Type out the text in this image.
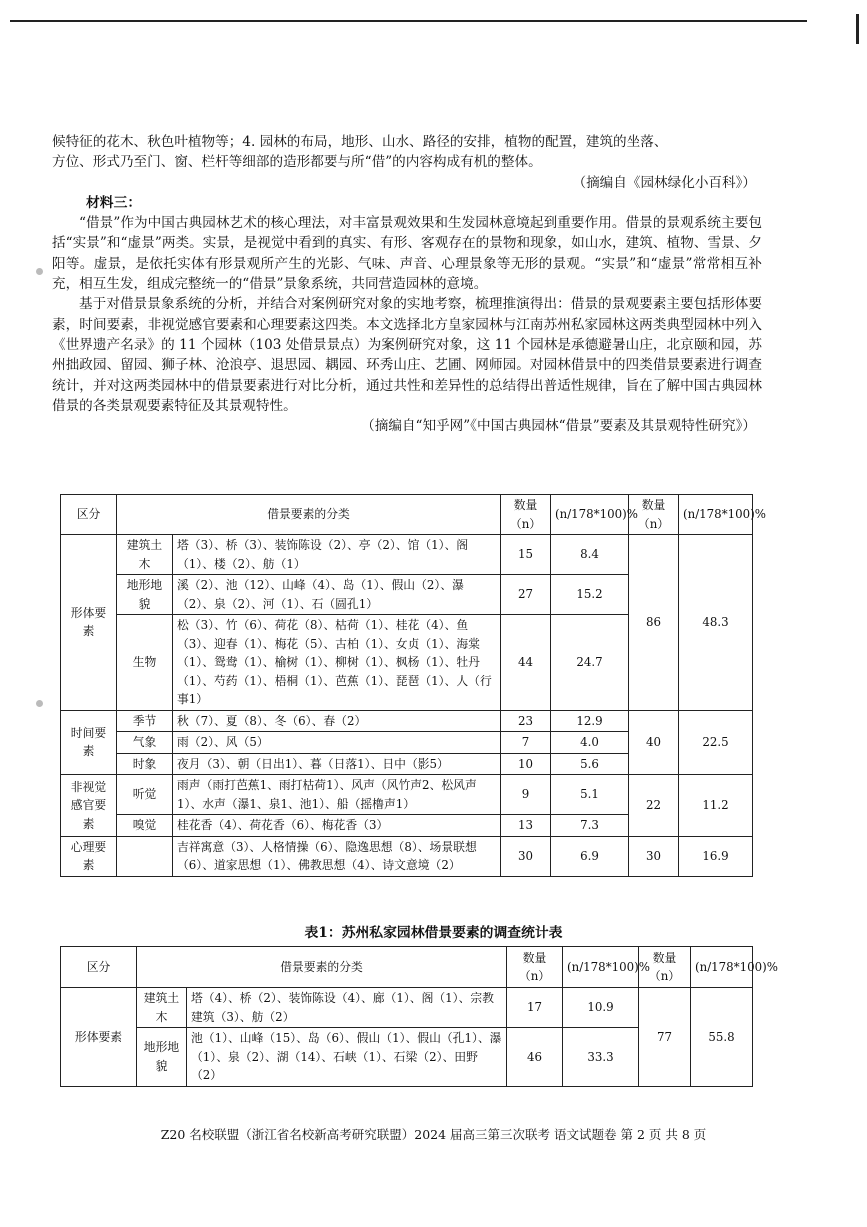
候特征的花木、秋色叶植物等；4. 园林的布局，地形、山水、路径的安排，植物的配置，建筑的坐落、

方位、形式乃至门、窗、栏杆等细部的造形都要与所“借”的内容构成有机的整体。

（摘编自《园林绿化小百科》）

材料三：

“借景”作为中国古典园林艺术的核心理法，对丰富景观效果和生发园林意境起到重要作用。借景的景观系统主要包括“实景”和“虚景”两类。实景，是视觉中看到的真实、有形、客观存在的景物和现象，如山水，建筑、植物、雪景、夕阳等。虚景，是依托实体有形景观所产生的光影、气味、声音、心理景象等无形的景观。“实景”和“虚景”常常相互补充，相互生发，组成完整统一的“借景”景象系统，共同营造园林的意境。

基于对借景景象系统的分析，并结合对案例研究对象的实地考察，梳理推演得出：借景的景观要素主要包括形体要素，时间要素，非视觉感官要素和心理要素这四类。本文选择北方皇家园林与江南苏州私家园林这两类典型园林中列入《世界遗产名录》的 11 个园林（103 处借景景点）为案例研究对象，这 11 个园林是承德避暑山庄，北京颐和园，苏州拙政园、留园、狮子林、沧浪亭、退思园、耦园、环秀山庄、艺圃、网师园。对园林借景中的四类借景要素进行调查统计，并对这两类园林中的借景要素进行对比分析，通过共性和差异性的总结得出普适性规律，旨在了解中国古典园林借景的各类景观要素特征及其景观特性。

（摘编自“知乎网”《中国古典园林“借景”要素及其景观特性研究》）

区分	借景要素的分类		数量（n）	(n/178*100)%	数量（n）	(n/178*100)%
形体要素	建筑土木	塔（3）、桥（3）、装饰陈设（2）、亭（2）、馆（1）、阁（1）、楼（2）、舫（1）	15	8.4	86	48.3
	地形地貌	溪（2）、池（12）、山峰（4）、岛（1）、假山（2）、瀑（2）、泉（2）、河（1）、石（圆孔1）	27	15.2		
	生物	松（3）、竹（6）、荷花（8）、枯荷（1）、桂花（4）、鱼（3）、迎春（1）、梅花（5）、古柏（1）、女贞（1）、海棠（1）、鸳鸯（1）、榆树（1）、柳树（1）、枫杨（1）、牡丹（1）、芍药（1）、梧桐（1）、芭蕉（1）、琵琶（1）、人（行事1）	44	24.7		
时间要素	季节	秋（7）、夏（8）、冬（6）、春（2）	23	12.9	40	22.5
	气象	雨（2）、风（5）	7	4.0		
	时象	夜月（3）、朝（日出1）、暮（日落1）、日中（影5）	10	5.6		
非视觉感官要素	听觉	雨声（雨打芭蕉1、雨打枯荷1）、风声（风竹声2、松风声1）、水声（瀑1、泉1、池1）、船（摇橹声1）	9	5.1	22	11.2
	嗅觉	桂花香（4）、荷花香（6）、梅花香（3）	13	7.3		
心理要素		吉祥寓意（3）、人格情操（6）、隐逸思想（8）、场景联想（6）、道家思想（1）、佛教思想（4）、诗文意境（2）	30	6.9	30	16.9
表1：苏州私家园林借景要素的调查统计表
区分	借景要素的分类		数量（n）	(n/178*100)%	数量（n）	(n/178*100)%
形体要素	建筑土木	塔（4）、桥（2）、装饰陈设（4）、廊（1）、阁（1）、宗教建筑（3）、舫（2）	17	10.9	77	55.8
	地形地貌	池（1）、山峰（15）、岛（6）、假山（1）、假山（孔1）、瀑（1）、泉（2）、湖（14）、石峡（1）、石梁（2）、田野（2）	46	33.3		
Z20 名校联盟（浙江省名校新高考研究联盟）2024 届高三第三次联考 语文试题卷 第 2 页 共 8 页
